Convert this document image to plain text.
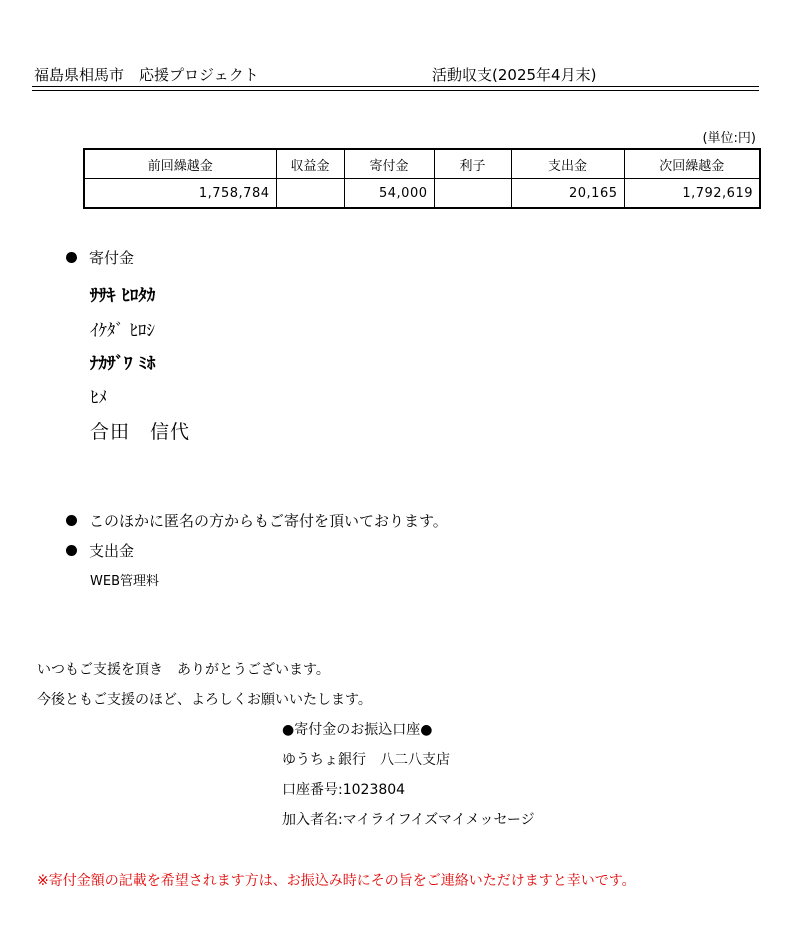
福島県相馬市　応援プロジェクト	活動収支(2025年4月末)
(単位:円)
前回繰越金	収益金	寄付金	利子	支出金	次回繰越金
1,758,784		54,000		20,165	1,792,619
寄付金
ｻｻｷ ﾋﾛﾀｶ
ｲｹﾀﾞ ﾋﾛｼ
ﾅｶｻﾞﾜ ﾐﾎ
ﾋﾒ
合田　信代
このほかに匿名の方からもご寄付を頂いております。
支出金
WEB管理料
いつもご支援を頂き　ありがとうございます。
今後ともご支援のほど、よろしくお願いいたします。
●寄付金のお振込口座●
ゆうちょ銀行　八二八支店
口座番号:1023804
加入者名:マイライフイズマイメッセージ
※寄付金額の記載を希望されます方は、お振込み時にその旨をご連絡いただけますと幸いです。
